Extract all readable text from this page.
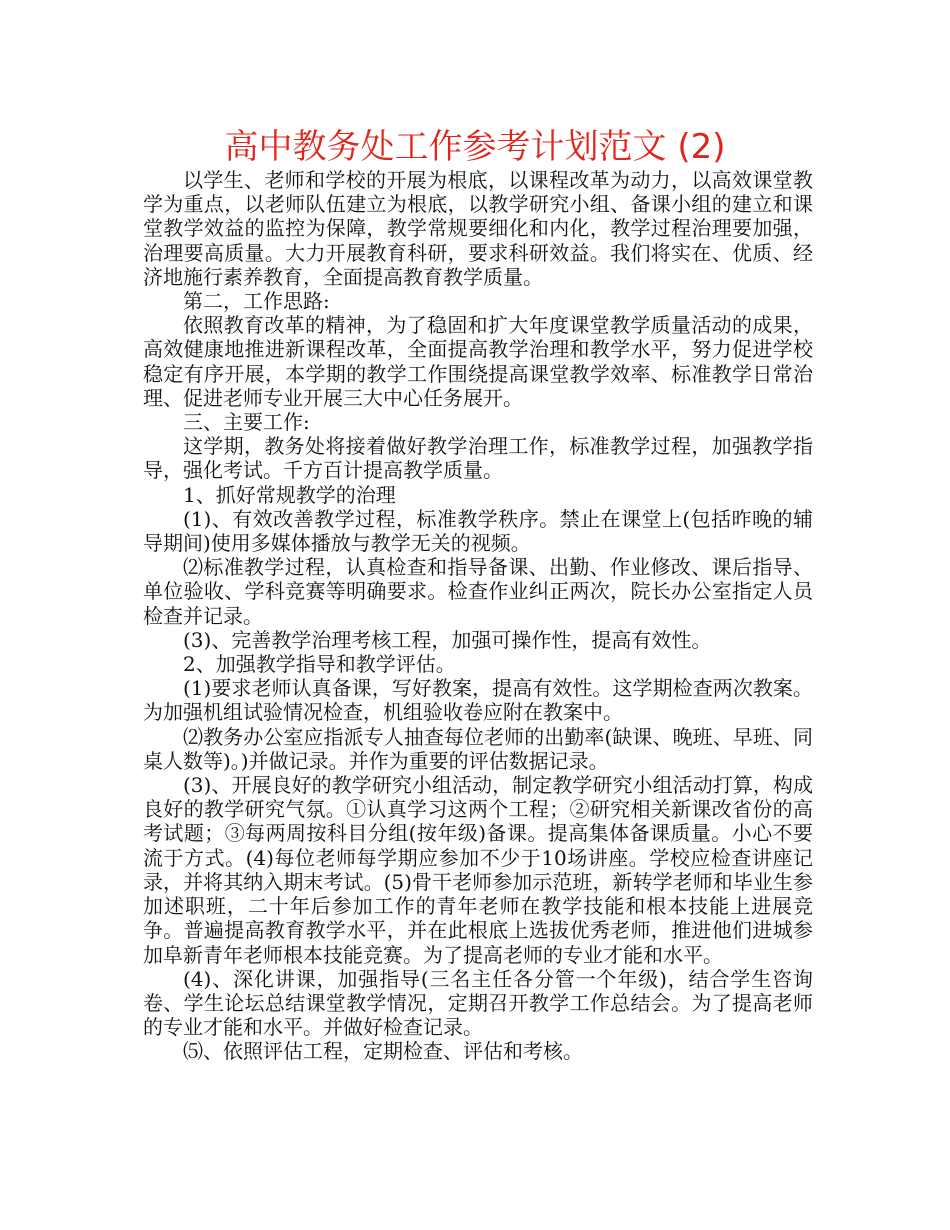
高中教务处工作参考计划范文 (2)

以学生、老师和学校的开展为根底，以课程改革为动力，以高效课堂教学为重点，以老师队伍建立为根底，以教学研究小组、备课小组的建立和课堂教学效益的监控为保障，教学常规要细化和内化，教学过程治理要加强，治理要高质量。大力开展教育科研，要求科研效益。我们将实在、优质、经济地施行素养教育，全面提高教育教学质量。

第二，工作思路:

依照教育改革的精神，为了稳固和扩大年度课堂教学质量活动的成果，高效健康地推进新课程改革，全面提高教学治理和教学水平，努力促进学校稳定有序开展，本学期的教学工作围绕提高课堂教学效率、标准教学日常治理、促进老师专业开展三大中心任务展开。

三、主要工作:

这学期，教务处将接着做好教学治理工作，标准教学过程，加强教学指导，强化考试。千方百计提高教学质量。

1、抓好常规教学的治理

(1)、有效改善教学过程，标准教学秩序。禁止在课堂上(包括昨晚的辅导期间)使用多媒体播放与教学无关的视频。

⑵标准教学过程，认真检查和指导备课、出勤、作业修改、课后指导、单位验收、学科竞赛等明确要求。检查作业纠正两次，院长办公室指定人员检查并记录。

(3)、完善教学治理考核工程，加强可操作性，提高有效性。

2、加强教学指导和教学评估。

(1)要求老师认真备课，写好教案，提高有效性。这学期检查两次教案。为加强机组试验情况检查，机组验收卷应附在教案中。

⑵教务办公室应指派专人抽查每位老师的出勤率(缺课、晚班、早班、同桌人数等)。)并做记录。并作为重要的评估数据记录。

(3)、开展良好的教学研究小组活动，制定教学研究小组活动打算，构成良好的教学研究气氛。①认真学习这两个工程；②研究相关新课改省份的高考试题；③每两周按科目分组(按年级)备课。提高集体备课质量。小心不要流于方式。(4)每位老师每学期应参加不少于10场讲座。学校应检查讲座记录，并将其纳入期末考试。(5)骨干老师参加示范班，新转学老师和毕业生参加述职班，二十年后参加工作的青年老师在教学技能和根本技能上进展竞争。普遍提高教育教学水平，并在此根底上选拔优秀老师，推进他们进城参加阜新青年老师根本技能竞赛。为了提高老师的专业才能和水平。

(4)、深化讲课，加强指导(三名主任各分管一个年级)，结合学生咨询卷、学生论坛总结课堂教学情况，定期召开教学工作总结会。为了提高老师的专业才能和水平。并做好检查记录。

⑸、依照评估工程，定期检查、评估和考核。
